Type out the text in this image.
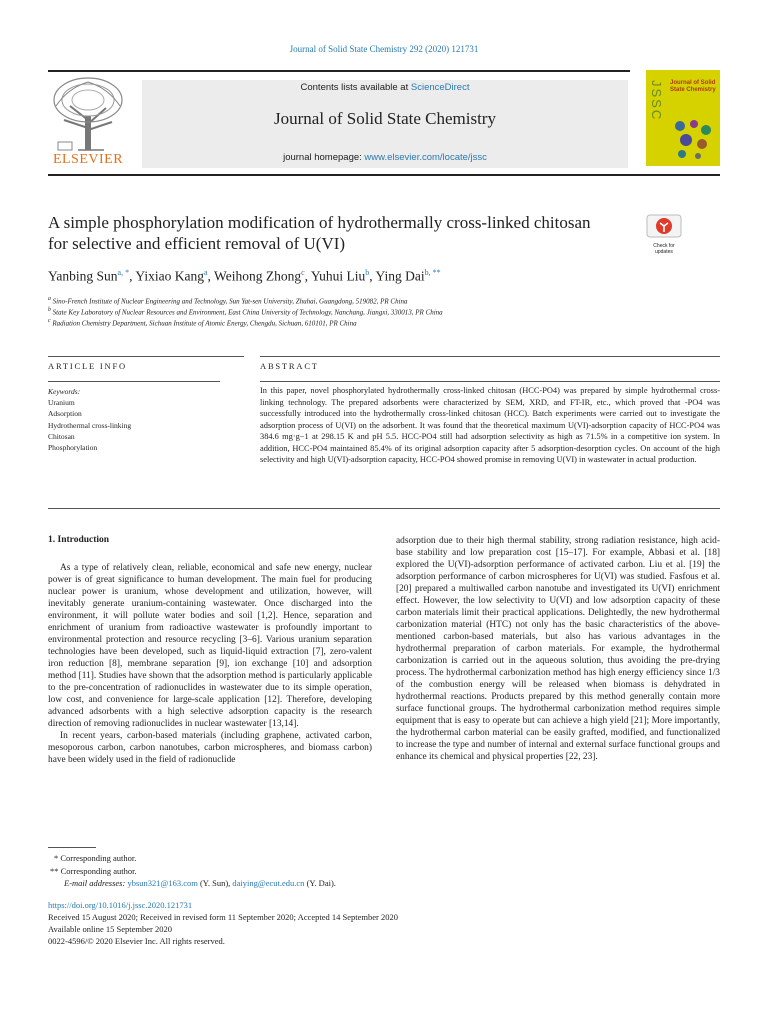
Journal of Solid State Chemistry 292 (2020) 121731
ELSEVIER
Contents lists available at ScienceDirect
Journal of Solid State Chemistry
journal homepage: www.elsevier.com/locate/jssc
JSSC Journal of Solid State Chemistry
A simple phosphorylation modification of hydrothermally cross-linked chitosan for selective and efficient removal of U(VI)	Check for updates
Yanbing Sun$^{a, *}$, Yixiao Kang$^a$, Weihong Zhong$^c$, Yuhui Liu$^b$, Ying Dai$^{b, **}$
$^a$ Sino-French Institute of Nuclear Engineering and Technology, Sun Yat-sen University, Zhuhai, Guangdong, 519082, PR China
$^b$ State Key Laboratory of Nuclear Resources and Environment, East China University of Technology, Nanchang, Jiangxi, 330013, PR China
$^c$ Radiation Chemistry Department, Sichuan Institute of Atomic Energy, Chengdu, Sichuan, 610101, PR China
ARTICLE INFO	ABSTRACT
Keywords:
Uranium
Adsorption
Hydrothermal cross-linking
Chitosan
Phosphorylation
In this paper, novel phosphorylated hydrothermally cross-linked chitosan (HCC-PO4) was prepared by simple hydrothermal cross-linking technology. The prepared adsorbents were characterized by SEM, XRD, and FT-IR, etc., which proved that -PO4 was successfully introduced into the hydrothermally cross-linked chitosan (HCC). Batch experiments were carried out to investigate the adsorption process of U(VI) on the adsorbent. It was found that the theoretical maximum U(VI)-adsorption capacity of HCC-PO4 was 384.6 mg·g−1 at 298.15 K and pH 5.5. HCC-PO4 still had adsorption selectivity as high as 71.5% in a competitive ion system. In addition, HCC-PO4 maintained 85.4% of its original adsorption capacity after 5 adsorption-desorption cycles. On account of the high selectivity and high U(VI)-adsorption capacity, HCC-PO4 showed promise in removing U(VI) in wastewater in actual production.
1. Introduction

As a type of relatively clean, reliable, economical and safe new energy, nuclear power is of great significance to human development. The main fuel for producing nuclear power is uranium, whose development and utilization, however, will inevitably generate uranium-containing wastewater. Once discharged into the environment, it will pollute water bodies and soil [1,2]. Hence, separation and enrichment of uranium from radioactive wastewater is profoundly important to environmental protection and resource recycling [3–6]. Various uranium separation technologies have been developed, such as liquid-liquid extraction [7], zero-valent iron reduction [8], membrane separation [9], ion exchange [10] and adsorption method [11]. Studies have shown that the adsorption method is particularly applicable to the pre-concentration of radionuclides in wastewater due to its simple operation, low cost, and convenience for large-scale application [12]. Therefore, developing advanced adsorbents with a high selective adsorption capacity is the research direction of removing radionuclides in nuclear wastewater [13,14].

In recent years, carbon-based materials (including graphene, activated carbon, mesoporous carbon, carbon nanotubes, carbon microspheres, and biomass carbon) have been widely used in the field of radionuclide

adsorption due to their high thermal stability, strong radiation resistance, high acid-base stability and low preparation cost [15–17]. For example, Abbasi et al. [18] explored the U(VI)-adsorption performance of activated carbon. Liu et al. [19] the adsorption performance of carbon microspheres for U(VI) was studied. Fasfous et al. [20] prepared a multiwalled carbon nanotube and investigated its U(VI) enrichment effect. However, the low selectivity to U(VI) and low adsorption capacity of these carbon materials limit their practical applications. Delightedly, the new hydrothermal carbonization material (HTC) not only has the basic characteristics of the above-mentioned carbon-based materials, but also has various advantages in the hydrothermal preparation of carbon materials. For example, the hydrothermal carbonization is carried out in the aqueous solution, thus avoiding the pre-drying process. The hydrothermal carbonization method has high energy efficiency since 1/3 of the combustion energy will be released when biomass is dehydrated in hydrothermal reactions. Products prepared by this method generally contain more surface functional groups. The hydrothermal carbonization method requires simple equipment that is easy to operate but can achieve a high yield [21]; More importantly, the hydrothermal carbon material can be easily grafted, modified, and functionalized to increase the type and number of internal and external surface functional groups and enhance its chemical and physical properties [22, 23].

* Corresponding author.
** Corresponding author.
E-mail addresses: ybsun321@163.com (Y. Sun), daiying@ecut.edu.cn (Y. Dai).
https://doi.org/10.1016/j.jssc.2020.121731
Received 15 August 2020; Received in revised form 11 September 2020; Accepted 14 September 2020
Available online 15 September 2020
0022-4596/© 2020 Elsevier Inc. All rights reserved.
